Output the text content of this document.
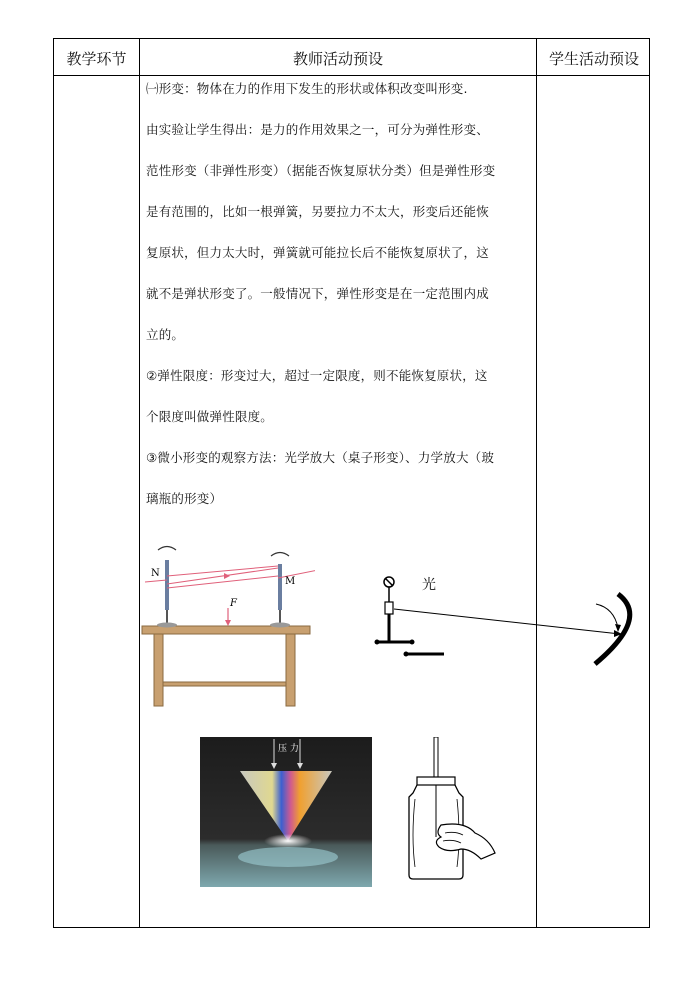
教学环节	教师活动预设	学生活动预设

㈠形变：物体在力的作用下发生的形状或体积改变叫形变.

由实验让学生得出：是力的作用效果之一，可分为弹性形变、

范性形变（非弹性形变）（据能否恢复原状分类）但是弹性形变

是有范围的，比如一根弹簧，另要拉力不太大，形变后还能恢

复原状，但力太大时，弹簧就可能拉长后不能恢复原状了，这

就不是弹状形变了。一般情况下，弹性形变是在一定范围内成

立的。

②弹性限度：形变过大，超过一定限度，则不能恢复原状，这

个限度叫做弹性限度。

③微小形变的观察方法：光学放大（桌子形变）、力学放大（玻

璃瓶的形变）

N
M
F
光
压 力
